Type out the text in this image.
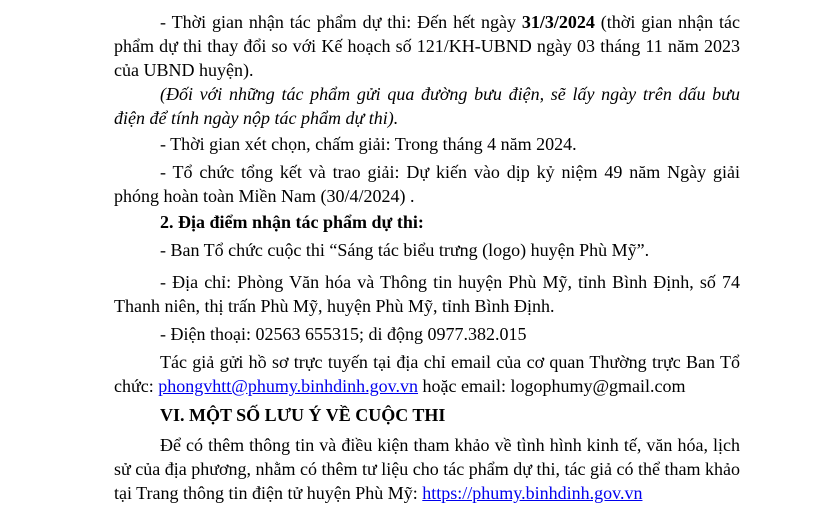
- Thời gian nhận tác phẩm dự thi: Đến hết ngày 31/3/2024 (thời gian nhận tác phẩm dự thi thay đổi so với Kế hoạch số 121/KH-UBND ngày 03 tháng 11 năm 2023 của UBND huyện).

(Đối với những tác phẩm gửi qua đường bưu điện, sẽ lấy ngày trên dấu bưu điện để tính ngày nộp tác phẩm dự thi).

- Thời gian xét chọn, chấm giải: Trong tháng 4 năm 2024.

- Tổ chức tổng kết và trao giải: Dự kiến vào dịp kỷ niệm 49 năm Ngày giải phóng hoàn toàn Miền Nam (30/4/2024) .

2. Địa điểm nhận tác phẩm dự thi:

- Ban Tổ chức cuộc thi “Sáng tác biểu trưng (logo) huyện Phù Mỹ”.

- Địa chỉ: Phòng Văn hóa và Thông tin huyện Phù Mỹ, tỉnh Bình Định, số 74 Thanh niên, thị trấn Phù Mỹ, huyện Phù Mỹ, tỉnh Bình Định.

- Điện thoại: 02563 655315; di động 0977.382.015

Tác giả gửi hồ sơ trực tuyến tại địa chỉ email của cơ quan Thường trực Ban Tổ chức: phongvhtt@phumy.binhdinh.gov.vn hoặc email: logophumy@gmail.com

VI. MỘT SỐ LƯU Ý VỀ CUỘC THI

Để có thêm thông tin và điều kiện tham khảo về tình hình kinh tế, văn hóa, lịch sử của địa phương, nhằm có thêm tư liệu cho tác phẩm dự thi, tác giả có thể tham khảo tại Trang thông tin điện tử huyện Phù Mỹ: https://phumy.binhdinh.gov.vn
